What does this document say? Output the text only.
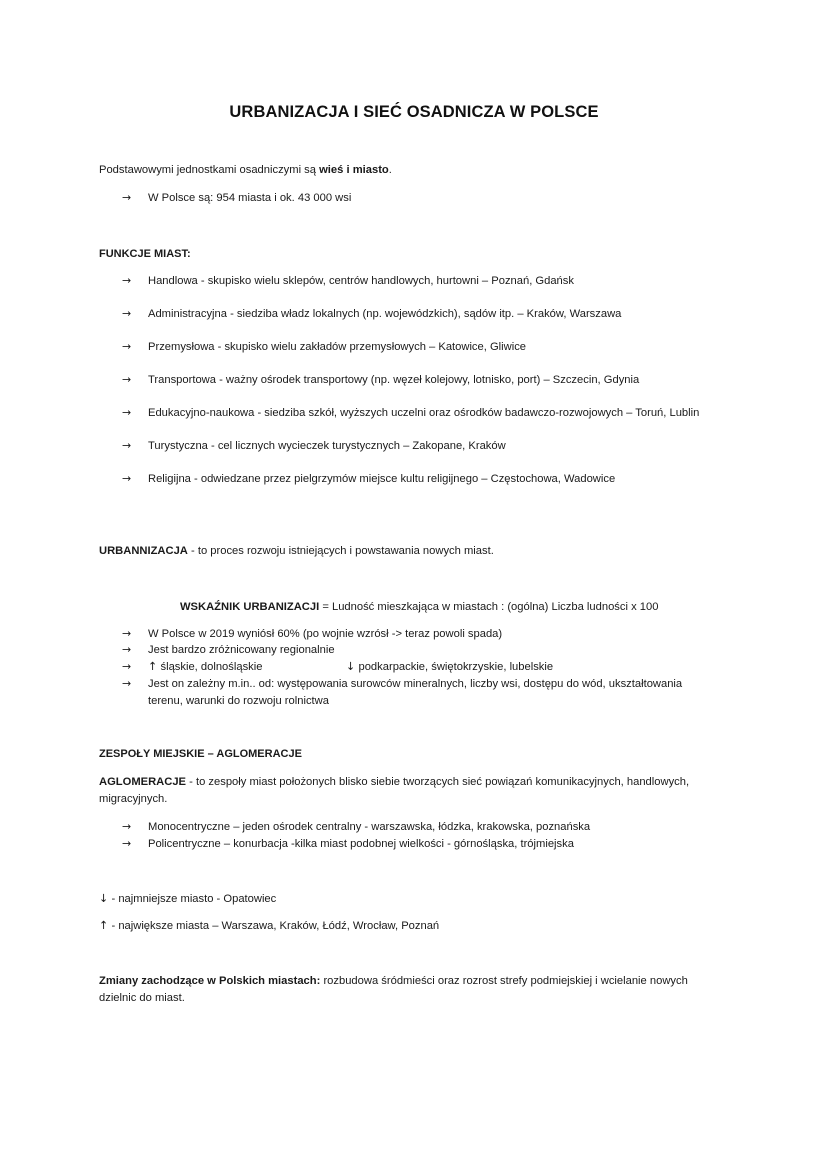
URBANIZACJA I SIEĆ OSADNICZA W POLSCE
Podstawowymi jednostkami osadniczymi są wieś i miasto.
→	W Polsce są: 954 miasta i ok. 43 000 wsi
FUNKCJE MIAST:
→	Handlowa - skupisko wielu sklepów, centrów handlowych, hurtowni – Poznań, Gdańsk
→	Administracyjna - siedziba władz lokalnych (np. wojewódzkich), sądów itp. – Kraków, Warszawa
→	Przemysłowa - skupisko wielu zakładów przemysłowych – Katowice, Gliwice
→	Transportowa - ważny ośrodek transportowy (np. węzeł kolejowy, lotnisko, port) – Szczecin, Gdynia
→	Edukacyjno-naukowa - siedziba szkół, wyższych uczelni oraz ośrodków badawczo-rozwojowych – Toruń, Lublin
→	Turystyczna - cel licznych wycieczek turystycznych – Zakopane, Kraków
→	Religijna - odwiedzane przez pielgrzymów miejsce kultu religijnego – Częstochowa, Wadowice
URBANNIZACJA - to proces rozwoju istniejących i powstawania nowych miast.
WSKAŹNIK URBANIZACJI = Ludność mieszkająca w miastach : (ogólna) Liczba ludności x 100
→	W Polsce w 2019 wyniósł 60% (po wojnie wzrósł -> teraz powoli spada)
→	Jest bardzo zróżnicowany regionalnie
→	↑ śląskie, dolnośląskie	↓ podkarpackie, świętokrzyskie, lubelskie
→	Jest on zależny m.in.. od: występowania surowców mineralnych, liczby wsi, dostępu do wód, ukształtowania terenu, warunki do rozwoju rolnictwa
ZESPOŁY MIEJSKIE – AGLOMERACJE
AGLOMERACJE - to zespoły miast położonych blisko siebie tworzących sieć powiązań komunikacyjnych, handlowych, migracyjnych.
→	Monocentryczne – jeden ośrodek centralny - warszawska, łódzka, krakowska, poznańska
→	Policentryczne – konurbacja -kilka miast podobnej wielkości - górnośląska, trójmiejska
↓ - najmniejsze miasto - Opatowiec
↑ - największe miasta – Warszawa, Kraków, Łódź, Wrocław, Poznań
Zmiany zachodzące w Polskich miastach: rozbudowa śródmieści oraz rozrost strefy podmiejskiej i wcielanie nowych dzielnic do miast.
